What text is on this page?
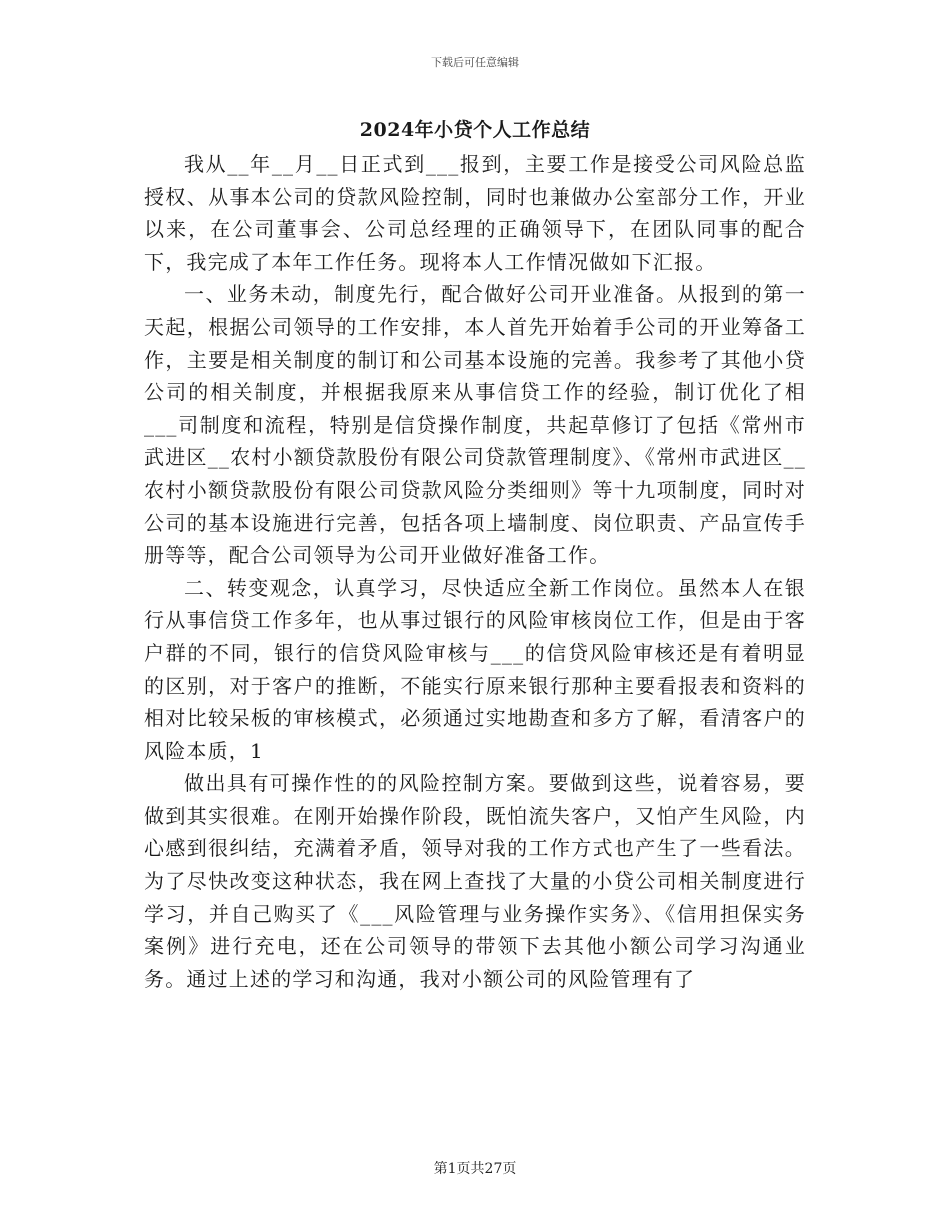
下载后可任意编辑
2024年小贷个人工作总结

我从__年__月__日正式到___报到，主要工作是接受公司风险总监授权、从事本公司的贷款风险控制，同时也兼做办公室部分工作，开业以来，在公司董事会、公司总经理的正确领导下，在团队同事的配合下，我完成了本年工作任务。现将本人工作情况做如下汇报。

一、业务未动，制度先行，配合做好公司开业准备。从报到的第一天起，根据公司领导的工作安排，本人首先开始着手公司的开业筹备工作，主要是相关制度的制订和公司基本设施的完善。我参考了其他小贷公司的相关制度，并根据我原来从事信贷工作的经验，制订优化了相___司制度和流程，特别是信贷操作制度，共起草修订了包括《常州市武进区__农村小额贷款股份有限公司贷款管理制度》、《常州市武进区__农村小额贷款股份有限公司贷款风险分类细则》等十九项制度，同时对公司的基本设施进行完善，包括各项上墙制度、岗位职责、产品宣传手册等等，配合公司领导为公司开业做好准备工作。

二、转变观念，认真学习，尽快适应全新工作岗位。虽然本人在银行从事信贷工作多年，也从事过银行的风险审核岗位工作，但是由于客户群的不同，银行的信贷风险审核与___的信贷风险审核还是有着明显的区别，对于客户的推断，不能实行原来银行那种主要看报表和资料的相对比较呆板的审核模式，必须通过实地勘查和多方了解，看清客户的风险本质，1

做出具有可操作性的的风险控制方案。要做到这些，说着容易，要做到其实很难。在刚开始操作阶段，既怕流失客户，又怕产生风险，内心感到很纠结，充满着矛盾，领导对我的工作方式也产生了一些看法。为了尽快改变这种状态，我在网上查找了大量的小贷公司相关制度进行学习，并自己购买了《___风险管理与业务操作实务》、《信用担保实务案例》进行充电，还在公司领导的带领下去其他小额公司学习沟通业务。通过上述的学习和沟通，我对小额公司的风险管理有了

第1页共27页
